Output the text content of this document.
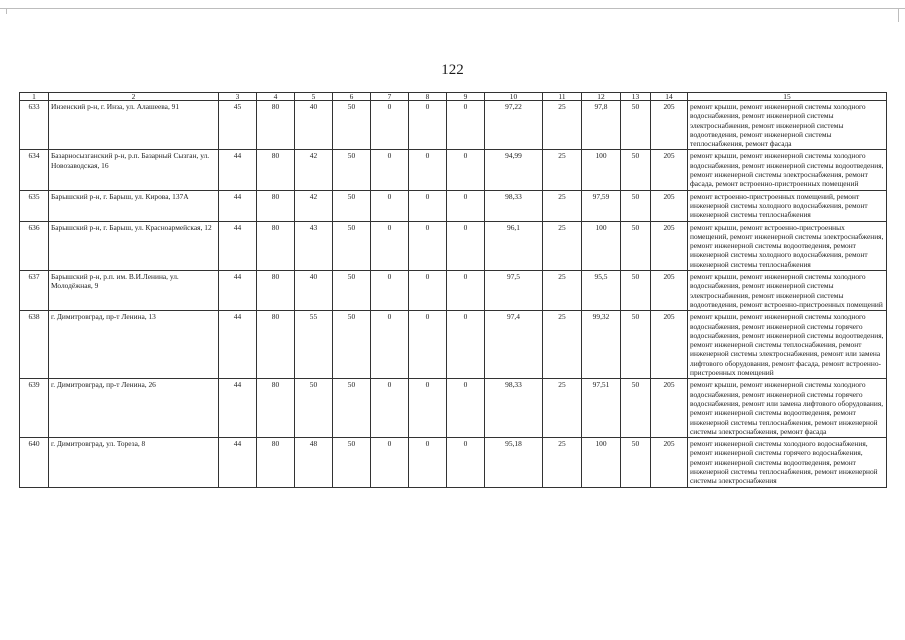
122
1	2	3	4	5	6	7	8	9	10	11	12	13	14	15
633	Инзенский р-н, г. Инза, ул. Алашеева, 91	45	80	40	50	0	0	0	97,22	25	97,8	50	205	ремонт крыши, ремонт инженерной системы холодного водоснабжения, ремонт инженерной системы электроснабжения, ремонт инженерной системы водоотведения, ремонт инженерной системы теплоснабжения, ремонт фасада
634	Базарносызганский р-н, р.п. Базарный Сызган, ул. Новозаводская, 16	44	80	42	50	0	0	0	94,99	25	100	50	205	ремонт крыши, ремонт инженерной системы холодного водоснабжения, ремонт инженерной системы водоотведения, ремонт инженерной системы электроснабжения, ремонт фасада, ремонт встроенно-пристроенных помещений
635	Барышский р-н, г. Барыш, ул. Кирова, 137А	44	80	42	50	0	0	0	98,33	25	97,59	50	205	ремонт встроенно-пристроенных помещений, ремонт инженерной системы холодного водоснабжения, ремонт инженерной системы теплоснабжения
636	Барышский р-н, г. Барыш, ул. Красноармейская, 12	44	80	43	50	0	0	0	96,1	25	100	50	205	ремонт крыши, ремонт встроенно-пристроенных помещений, ремонт инженерной системы электроснабжения, ремонт инженерной системы водоотведения, ремонт инженерной системы холодного водоснабжения, ремонт инженерной системы теплоснабжения
637	Барышский р-н, р.п. им. В.И.Ленина, ул. Молодёжная, 9	44	80	40	50	0	0	0	97,5	25	95,5	50	205	ремонт крыши, ремонт инженерной системы холодного водоснабжения, ремонт инженерной системы электроснабжения, ремонт инженерной системы водоотведения, ремонт встроенно-пристроенных помещений
638	г. Димитровград, пр-т Ленина, 13	44	80	55	50	0	0	0	97,4	25	99,32	50	205	ремонт крыши, ремонт инженерной системы холодного водоснабжения, ремонт инженерной системы горячего водоснабжения, ремонт инженерной системы водоотведения, ремонт инженерной системы теплоснабжения, ремонт инженерной системы электроснабжения, ремонт или замена лифтового оборудования, ремонт фасада, ремонт встроенно-пристроенных помещений
639	г. Димитровград, пр-т Ленина, 26	44	80	50	50	0	0	0	98,33	25	97,51	50	205	ремонт крыши, ремонт инженерной системы холодного водоснабжения, ремонт инженерной системы горячего водоснабжения, ремонт или замена лифтового оборудования, ремонт инженерной системы водоотведения, ремонт инженерной системы теплоснабжения, ремонт инженерной системы электроснабжения, ремонт фасада
640	г. Димитровград, ул. Тореза, 8	44	80	48	50	0	0	0	95,18	25	100	50	205	ремонт инженерной системы холодного водоснабжения, ремонт инженерной системы горячего водоснабжения, ремонт инженерной системы водоотведения, ремонт инженерной системы теплоснабжения, ремонт инженерной системы электроснабжения
